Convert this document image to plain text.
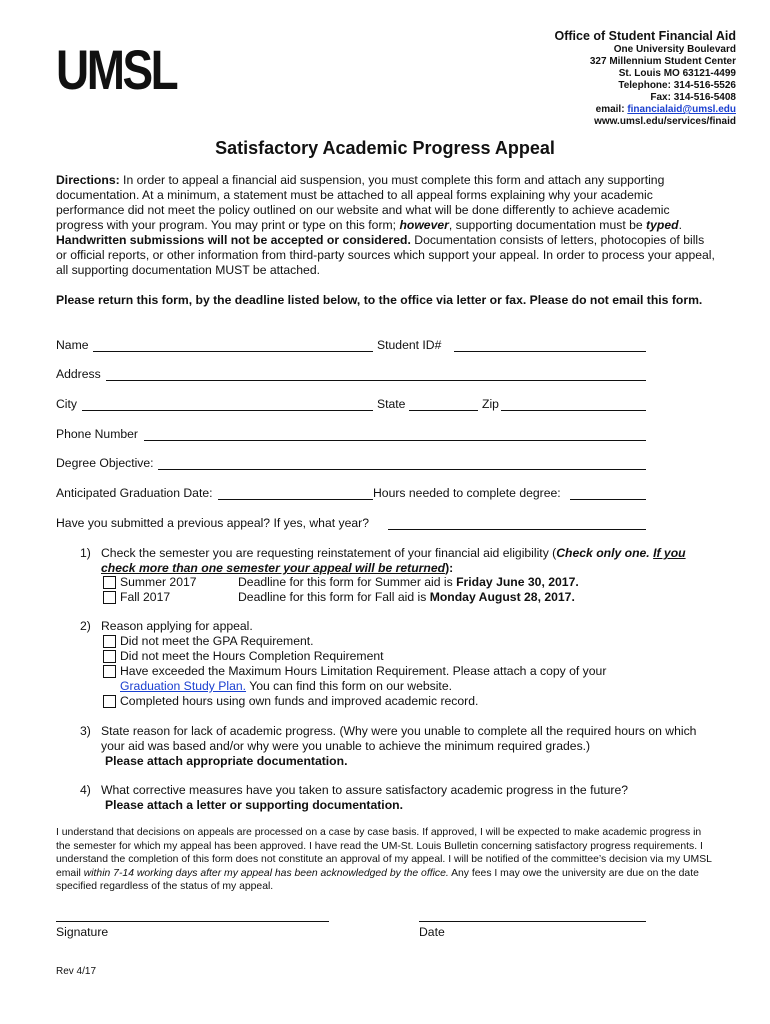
UMSL
Office of Student Financial Aid
One University Boulevard
327 Millennium Student Center
St. Louis MO 63121-4499
Telephone: 314-516-5526
Fax: 314-516-5408
email: financialaid@umsl.edu
www.umsl.edu/services/finaid
Satisfactory Academic Progress Appeal
Directions: In order to appeal a financial aid suspension, you must complete this form and attach any supporting documentation. At a minimum, a statement must be attached to all appeal forms explaining why your academic performance did not meet the policy outlined on our website and what will be done differently to achieve academic progress with your program. You may print or type on this form; however, supporting documentation must be typed. Handwritten submissions will not be accepted or considered. Documentation consists of letters, photocopies of bills or official reports, or other information from third-party sources which support your appeal. In order to process your appeal, all supporting documentation MUST be attached.
Please return this form, by the deadline listed below, to the office via letter or fax. Please do not email this form.
Name	Student ID#
Address
City	State	Zip
Phone Number
Degree Objective:
Anticipated Graduation Date:	Hours needed to complete degree:
Have you submitted a previous appeal? If yes, what year?
1) Check the semester you are requesting reinstatement of your financial aid eligibility (Check only one. If you check more than one semester your appeal will be returned):
Summer 2017	Deadline for this form for Summer aid is Friday June 30, 2017.
Fall 2017	Deadline for this form for Fall aid is Monday August 28, 2017.
2) Reason applying for appeal.
Did not meet the GPA Requirement.
Did not meet the Hours Completion Requirement
Have exceeded the Maximum Hours Limitation Requirement. Please attach a copy of your
Graduation Study Plan. You can find this form on our website.
Completed hours using own funds and improved academic record.
3) State reason for lack of academic progress. (Why were you unable to complete all the required hours on which your aid was based and/or why were you unable to achieve the minimum required grades.)
Please attach appropriate documentation.
4) What corrective measures have you taken to assure satisfactory academic progress in the future?
Please attach a letter or supporting documentation.
I understand that decisions on appeals are processed on a case by case basis. If approved, I will be expected to make academic progress in the semester for which my appeal has been approved. I have read the UM-St. Louis Bulletin concerning satisfactory progress requirements. I understand the completion of this form does not constitute an approval of my appeal. I will be notified of the committee’s decision via my UMSL email within 7-14 working days after my appeal has been acknowledged by the office. Any fees I may owe the university are due on the date specified regardless of the status of my appeal.
Signature	Date
Rev 4/17
